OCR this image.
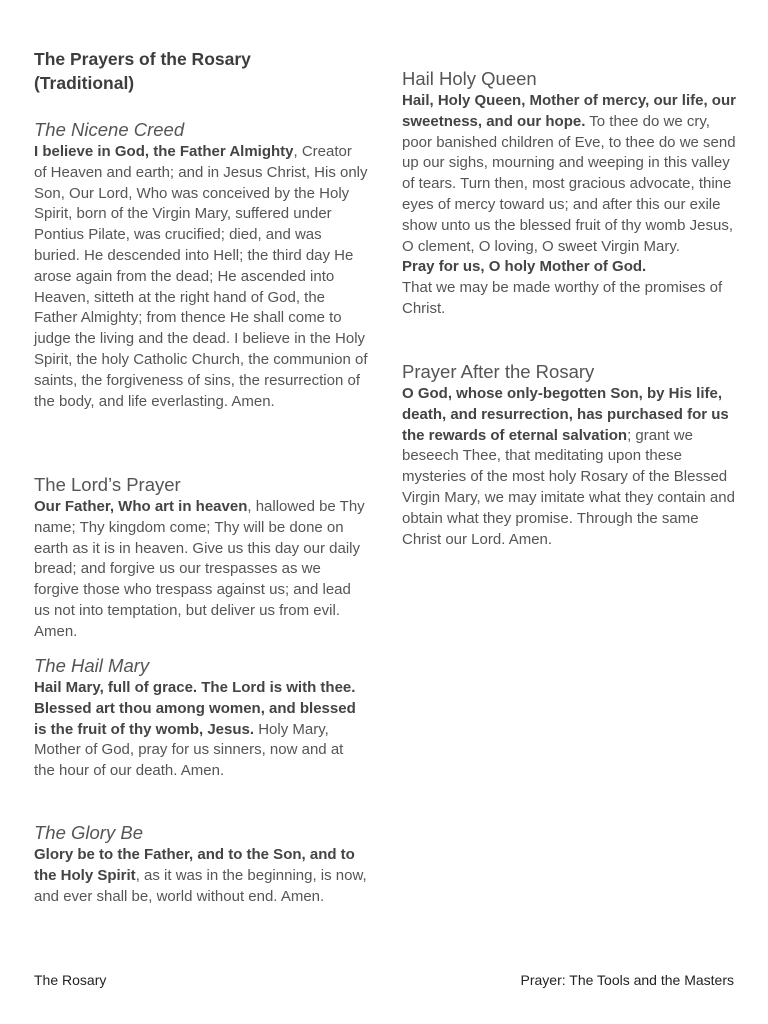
The Prayers of the Rosary
(Traditional)
The Nicene Creed

I believe in God, the Father Almighty, Creator of Heaven and earth; and in Jesus Christ, His only Son, Our Lord, Who was conceived by the Holy Spirit, born of the Virgin Mary, suffered under Pontius Pilate, was crucified; died, and was buried. He descended into Hell; the third day He arose again from the dead; He ascended into Heaven, sitteth at the right hand of God, the Father Almighty; from thence He shall come to judge the living and the dead. I believe in the Holy Spirit, the holy Catholic Church, the communion of saints, the forgiveness of sins, the resurrection of the body, and life everlasting. Amen.

The Lord’s Prayer

Our Father, Who art in heaven, hallowed be Thy name; Thy kingdom come; Thy will be done on earth as it is in heaven. Give us this day our daily bread; and forgive us our trespasses as we forgive those who trespass against us; and lead us not into temptation, but deliver us from evil. Amen.

The Hail Mary

Hail Mary, full of grace. The Lord is with thee. Blessed art thou among women, and blessed is the fruit of thy womb, Jesus. Holy Mary, Mother of God, pray for us sinners, now and at the hour of our death. Amen.

The Glory Be

Glory be to the Father, and to the Son, and to the Holy Spirit, as it was in the beginning, is now, and ever shall be, world without end. Amen.

Hail Holy Queen

Hail, Holy Queen, Mother of mercy, our life, our sweetness, and our hope. To thee do we cry, poor banished children of Eve, to thee do we send up our sighs, mourning and weeping in this valley of tears. Turn then, most gracious advocate, thine eyes of mercy toward us; and after this our exile show unto us the blessed fruit of thy womb Jesus, O clement, O loving, O sweet Virgin Mary.
Pray for us, O holy Mother of God.
That we may be made worthy of the promises of Christ.

Prayer After the Rosary

O God, whose only-begotten Son, by His life, death, and resurrection, has purchased for us the rewards of eternal salvation; grant we beseech Thee, that meditating upon these mysteries of the most holy Rosary of the Blessed Virgin Mary, we may imitate what they contain and obtain what they promise. Through the same Christ our Lord. Amen.

The Rosary	Prayer: The Tools and the Masters
